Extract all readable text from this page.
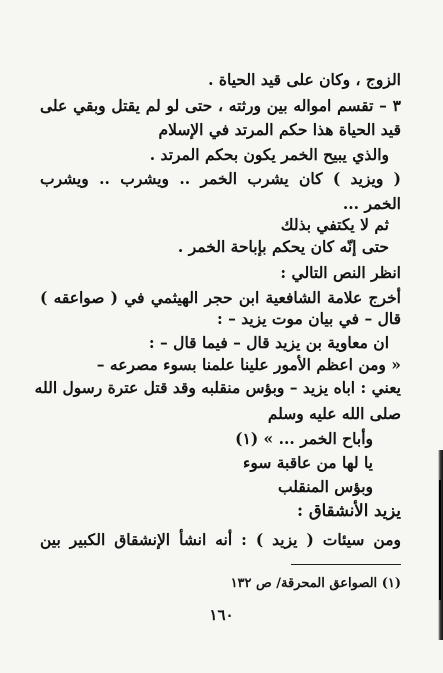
الزوج ، وكان على قيد الحياة .
٣ – تقسم امواله بين ورثته ، حتى لو لم يقتل وبقي على
قيد الحياة هذا حكم المرتد في الإسلام
والذي يبيح الخمر يكون بحكم المرتد .
( ويزيد ) كان يشرب الخمر .. ويشرب .. ويشرب
الخمر ...
ثم لا يكتفي بذلك
حتى إنّه كان يحكم بإباحة الخمر .
انظر النص التالي :
أخرج علامة الشافعية ابن حجر الهيثمي في ( صواعقه )
قال – في بيان موت يزيد – :
ان معاوية بن يزيد قال – فيما قال – :
« ومن اعظم الأمور علينا علمنا بسوء مصرعه –
يعني : اباه يزيد – وبؤس منقلبه وقد قتل عترة رسول الله
صلى الله عليه وسلم
وأباح الخمر ... » (١)
يا لها من عاقبة سوء
وبؤس المنقلب
يزيد الأنشقاق :
ومن سيئات ( يزيد ) : أنه انشأ الإنشقاق الكبير بين
(١) الصواعق المحرقة/ ص ١٣٢
١٦٠
